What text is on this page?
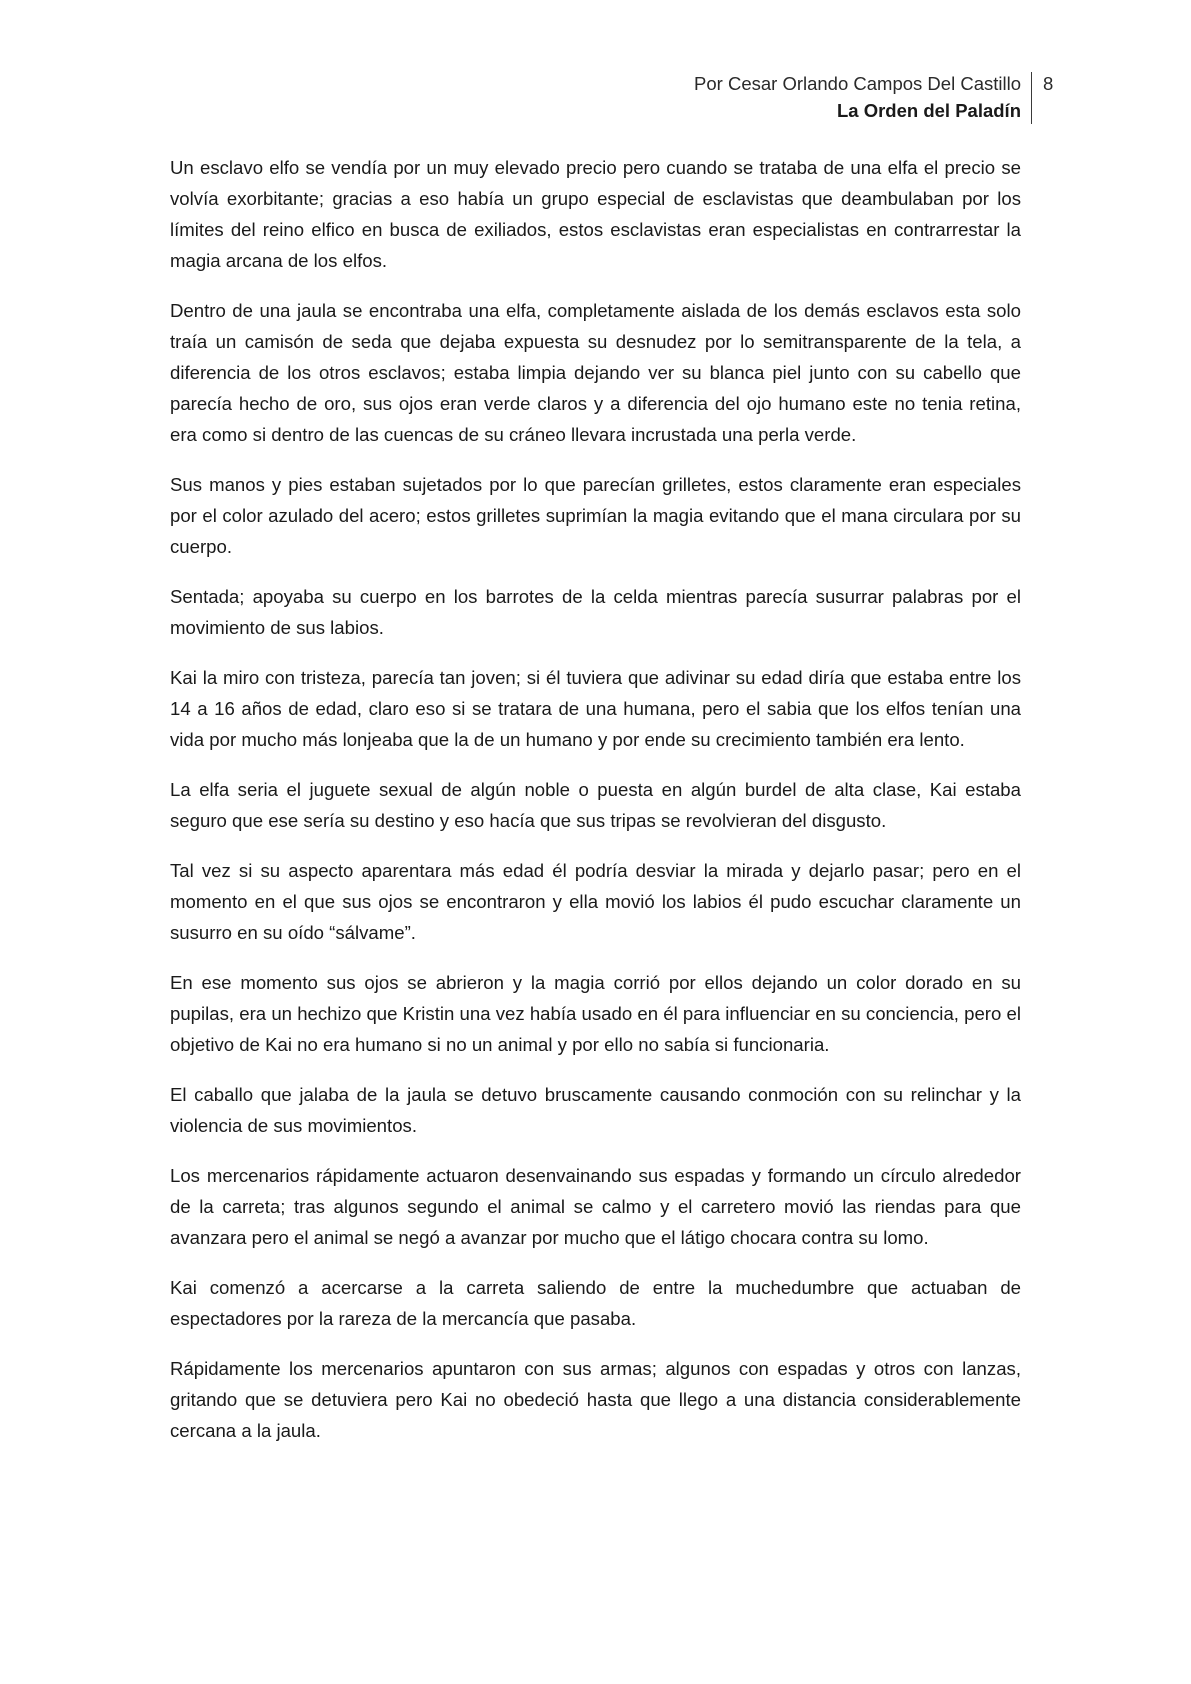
Por Cesar Orlando Campos Del Castillo
La Orden del Paladín
8

Un esclavo elfo se vendía por un muy elevado precio pero cuando se trataba de una elfa el precio se volvía exorbitante; gracias a eso había un grupo especial de esclavistas que deambulaban por los límites del reino elfico en busca de exiliados, estos esclavistas eran especialistas en contrarrestar la magia arcana de los elfos.

Dentro de una jaula se encontraba una elfa, completamente aislada de los demás esclavos esta solo traía un camisón de seda que dejaba expuesta su desnudez por lo semitransparente de la tela, a diferencia de los otros esclavos; estaba limpia dejando ver su blanca piel junto con su cabello que parecía hecho de oro, sus ojos eran verde claros y a diferencia del ojo humano este no tenia retina, era como si dentro de las cuencas de su cráneo llevara incrustada una perla verde.

Sus manos y pies estaban sujetados por lo que parecían grilletes, estos claramente eran especiales por el color azulado del acero; estos grilletes suprimían la magia evitando que el mana circulara por su cuerpo.

Sentada; apoyaba su cuerpo en los barrotes de la celda mientras parecía susurrar palabras por el movimiento de sus labios.

Kai la miro con tristeza, parecía tan joven; si él tuviera que adivinar su edad diría que estaba entre los 14 a 16 años de edad, claro eso si se tratara de una humana, pero el sabia que los elfos tenían una vida por mucho más lonjeaba que la de un humano y por ende su crecimiento también era lento.

La elfa seria el juguete sexual de algún noble o puesta en algún burdel de alta clase, Kai estaba seguro que ese sería su destino y eso hacía que sus tripas se revolvieran del disgusto.

Tal vez si su aspecto aparentara más edad él podría desviar la mirada y dejarlo pasar; pero en el momento en el que sus ojos se encontraron y ella movió los labios él pudo escuchar claramente un susurro en su oído “sálvame”.

En ese momento sus ojos se abrieron y la magia corrió por ellos dejando un color dorado en su pupilas, era un hechizo que Kristin una vez había usado en él para influenciar en su conciencia, pero el objetivo de Kai no era humano si no un animal y por ello no sabía si funcionaria.

El caballo que jalaba de la jaula se detuvo bruscamente causando conmoción con su relinchar y la violencia de sus movimientos.

Los mercenarios rápidamente actuaron desenvainando sus espadas y formando un círculo alrededor de la carreta; tras algunos segundo el animal se calmo y el carretero movió las riendas para que avanzara pero el animal se negó a avanzar por mucho que el látigo chocara contra su lomo.

Kai comenzó a acercarse a la carreta saliendo de entre la muchedumbre que actuaban de espectadores por la rareza de la mercancía que pasaba.

Rápidamente los mercenarios apuntaron con sus armas; algunos con espadas y otros con lanzas, gritando que se detuviera pero Kai no obedeció hasta que llego a una distancia considerablemente cercana a la jaula.
